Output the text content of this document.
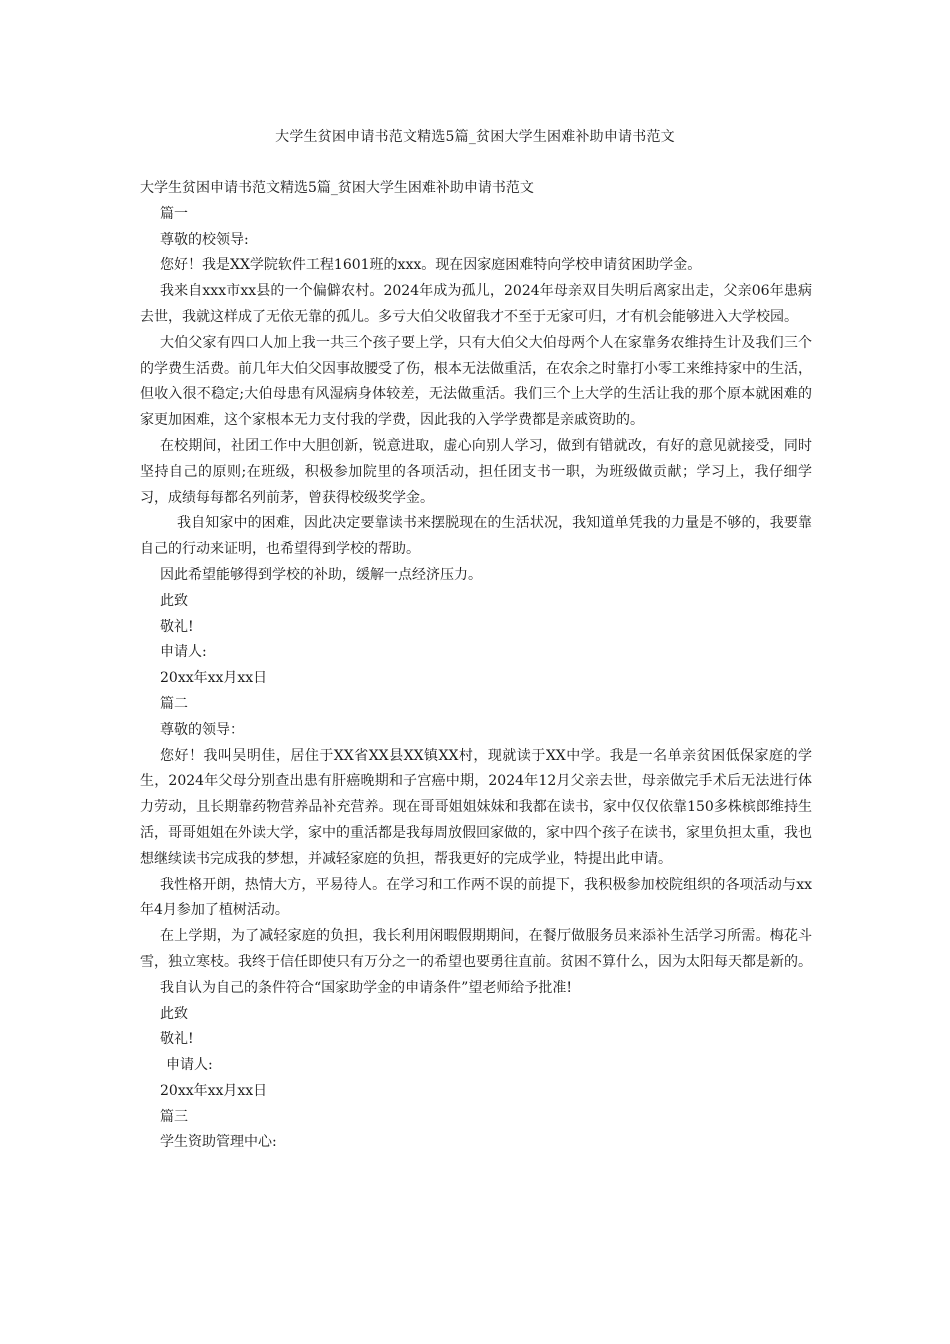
大学生贫困申请书范文精选5篇_贫困大学生困难补助申请书范文

大学生贫困申请书范文精选5篇_贫困大学生困难补助申请书范文

篇一

尊敬的校领导:

您好！我是XX学院软件工程1601班的xxx。现在因家庭困难特向学校申请贫困助学金。

我来自xxx市xx县的一个偏僻农村。2024年成为孤儿，2024年母亲双目失明后离家出走，父亲06年患病去世，我就这样成了无依无靠的孤儿。多亏大伯父收留我才不至于无家可归，才有机会能够进入大学校园。

大伯父家有四口人加上我一共三个孩子要上学，只有大伯父大伯母两个人在家靠务农维持生计及我们三个的学费生活费。前几年大伯父因事故腰受了伤，根本无法做重活，在农余之时靠打小零工来维持家中的生活，但收入很不稳定;大伯母患有风湿病身体较差，无法做重活。我们三个上大学的生活让我的那个原本就困难的家更加困难，这个家根本无力支付我的学费，因此我的入学学费都是亲戚资助的。

在校期间，社团工作中大胆创新，锐意进取，虚心向别人学习，做到有错就改，有好的意见就接受，同时坚持自己的原则;在班级，积极参加院里的各项活动，担任团支书一职，为班级做贡献；学习上，我仔细学习，成绩每每都名列前茅，曾获得校级奖学金。

我自知家中的困难，因此决定要靠读书来摆脱现在的生活状况，我知道单凭我的力量是不够的，我要靠自己的行动来证明，也希望得到学校的帮助。

因此希望能够得到学校的补助，缓解一点经济压力。

此致

敬礼!

申请人:

20xx年xx月xx日

篇二

尊敬的领导：

您好！我叫吴明佳，居住于XX省XX县XX镇XX村，现就读于XX中学。我是一名单亲贫困低保家庭的学生，2024年父母分别查出患有肝癌晚期和子宫癌中期，2024年12月父亲去世，母亲做完手术后无法进行体力劳动，且长期靠药物营养品补充营养。现在哥哥姐姐妹妹和我都在读书，家中仅仅依靠150多株槟郎维持生活，哥哥姐姐在外读大学，家中的重活都是我每周放假回家做的，家中四个孩子在读书，家里负担太重，我也想继续读书完成我的梦想，并减轻家庭的负担，帮我更好的完成学业，特提出此申请。

我性格开朗，热情大方，平易待人。在学习和工作两不误的前提下，我积极参加校院组织的各项活动与xx年4月参加了植树活动。

在上学期，为了减轻家庭的负担，我长利用闲暇假期期间，在餐厅做服务员来添补生活学习所需。梅花斗雪，独立寒枝。我终于信任即使只有万分之一的希望也要勇往直前。贫困不算什么，因为太阳每天都是新的。

我自认为自己的条件符合“国家助学金的申请条件”望老师给予批准!

此致

敬礼!

申请人:

20xx年xx月xx日

篇三

学生资助管理中心:
